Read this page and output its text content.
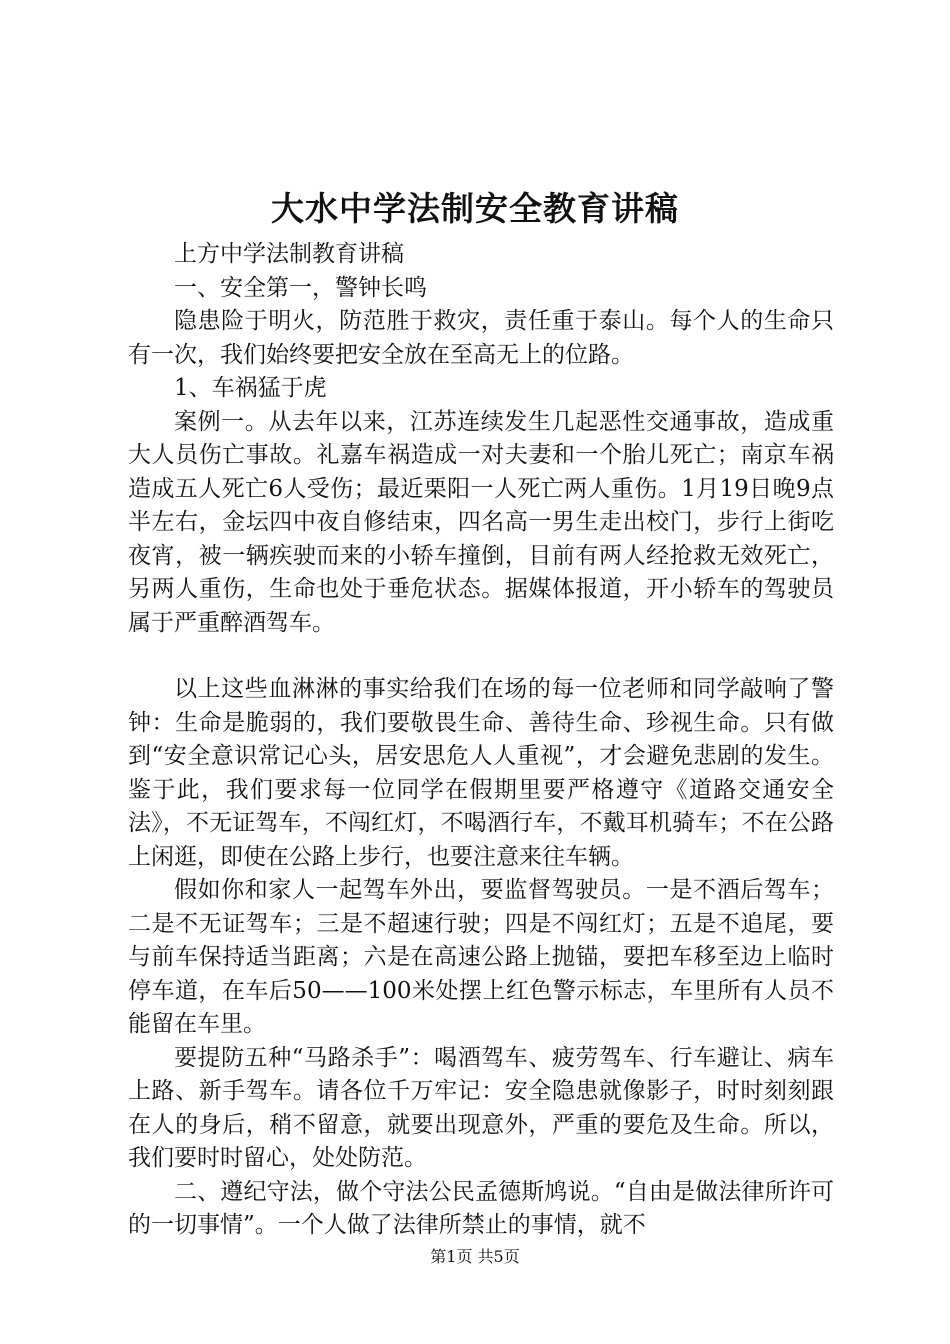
大水中学法制安全教育讲稿

上方中学法制教育讲稿

一、安全第一，警钟长鸣

隐患险于明火，防范胜于救灾，责任重于泰山。每个人的生命只有一次，我们始终要把安全放在至高无上的位路。

1、车祸猛于虎

案例一。从去年以来，江苏连续发生几起恶性交通事故，造成重大人员伤亡事故。礼嘉车祸造成一对夫妻和一个胎儿死亡；南京车祸造成五人死亡6人受伤；最近栗阳一人死亡两人重伤。1月19日晚9点半左右，金坛四中夜自修结束，四名高一男生走出校门，步行上街吃夜宵，被一辆疾驶而来的小轿车撞倒，目前有两人经抢救无效死亡，另两人重伤，生命也处于垂危状态。据媒体报道，开小轿车的驾驶员属于严重醉酒驾车。

以上这些血淋淋的事实给我们在场的每一位老师和同学敲响了警钟：生命是脆弱的，我们要敬畏生命、善待生命、珍视生命。只有做到“安全意识常记心头，居安思危人人重视”，才会避免悲剧的发生。鉴于此，我们要求每一位同学在假期里要严格遵守《道路交通安全法》，不无证驾车，不闯红灯，不喝酒行车，不戴耳机骑车；不在公路上闲逛，即使在公路上步行，也要注意来往车辆。

假如你和家人一起驾车外出，要监督驾驶员。一是不酒后驾车；二是不无证驾车；三是不超速行驶；四是不闯红灯；五是不追尾，要与前车保持适当距离；六是在高速公路上抛锚，要把车移至边上临时停车道，在车后50——100米处摆上红色警示标志，车里所有人员不能留在车里。

要提防五种“马路杀手”：喝酒驾车、疲劳驾车、行车避让、病车上路、新手驾车。请各位千万牢记：安全隐患就像影子，时时刻刻跟在人的身后，稍不留意，就要出现意外，严重的要危及生命。所以，我们要时时留心，处处防范。

二、遵纪守法，做个守法公民孟德斯鸠说。“自由是做法律所许可的一切事情”。一个人做了法律所禁止的事情，就不

第1页 共5页
